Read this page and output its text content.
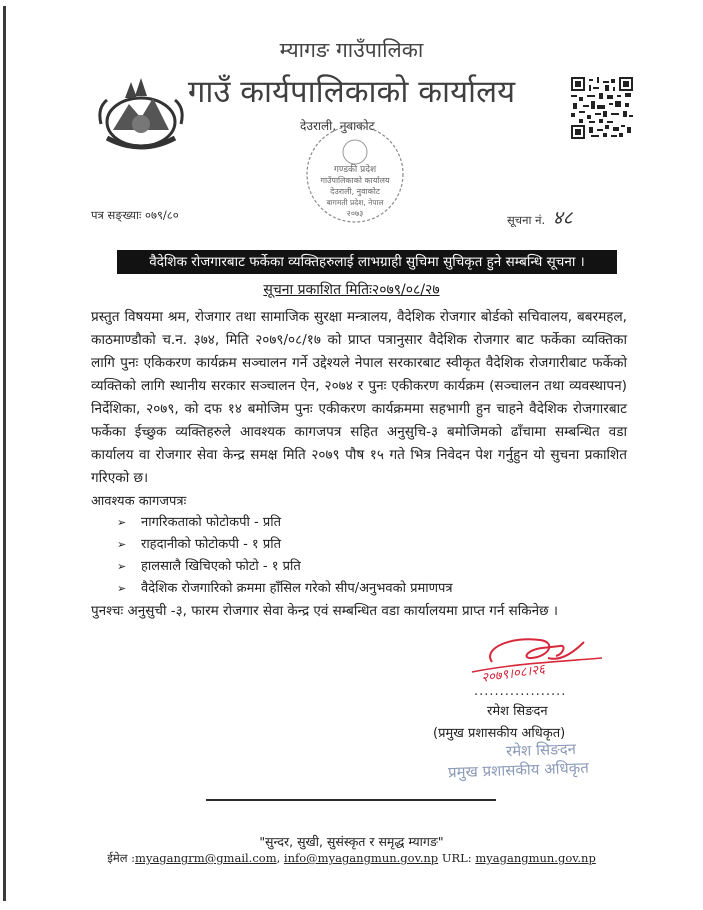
म्यागङ गाउँपालिका
गाउँ कार्यपालिकाको कार्यालय
देउराली, नुवाकोट
गण्डकी प्रदेश
गाउँपालिकाको कार्यालय
देउराली, नुवाकोट
बागमती प्रदेश, नेपाल
२०७३
पत्र सङ्ख्याः ०७९/८०	सूचना नं. ४८
वैदेशिक रोजगारबाट फर्केका व्यक्तिहरुलाई लाभग्राही सुचिमा सुचिकृत हुने सम्बन्धि सूचना ।
सूचना प्रकाशित मितिः२०७९/०८/२७
प्रस्तुत विषयमा श्रम, रोजगार तथा सामाजिक सुरक्षा मन्त्रालय, वैदेशिक रोजगार बोर्डको सचिवालय, बबरमहल, काठमाण्डौको च.न. ३७४, मिति २०७९/०८/१७ को प्राप्त पत्रानुसार वैदेशिक रोजगार बाट फर्केका व्यक्तिका लागि पुनः एकिकरण कार्यक्रम सञ्चालन गर्ने उद्देश्यले नेपाल सरकारबाट स्वीकृत वैदेशिक रोजगारीबाट फर्केको व्यक्तिको लागि स्थानीय सरकार सञ्चालन ऐन, २०७४ र पुनः एकीकरण कार्यक्रम (सञ्चालन तथा व्यवस्थापन) निर्देशिका, २०७९, को दफ १४ बमोजिम पुनः एकीकरण कार्यक्रममा सहभागी हुन चाहने वैदेशिक रोजगारबाट फर्केका ईच्छुक व्यक्तिहरुले आवश्यक कागजपत्र सहित अनुसुचि-३ बमोजिमको ढाँचामा सम्बन्धित वडा कार्यालय वा रोजगार सेवा केन्द्र समक्ष मिति २०७९ पौष १५ गते भित्र निवेदन पेश गर्नुहुन यो सुचना प्रकाशित गरिएको छ।
आवश्यक कागजपत्रः
➢ नागरिकताको फोटोकपी - प्रति
➢ राहदानीको फोटोकपी - १ प्रति
➢ हालसालै खिचिएको फोटो - १ प्रति
➢ वैदेशिक रोजगारिको क्रममा हाँसिल गरेको सीप/अनुभवको प्रमाणपत्र
पुनश्चः अनुसुची -३, फारम रोजगार सेवा केन्द्र एवं सम्बन्धित वडा कार्यालयमा प्राप्त गर्न सकिनेछ ।
२०७९।०८।२६
..................
रमेश सिङदन
(प्रमुख प्रशासकीय अधिकृत)
रमेश सिङदन
प्रमुख प्रशासकीय अधिकृत
"सुन्दर, सुखी, सुसंस्कृत र समृद्ध म्यागङ"
ईमेल :myagangrm@gmail.com, info@myagangmun.gov.np URL: myagangmun.gov.np
